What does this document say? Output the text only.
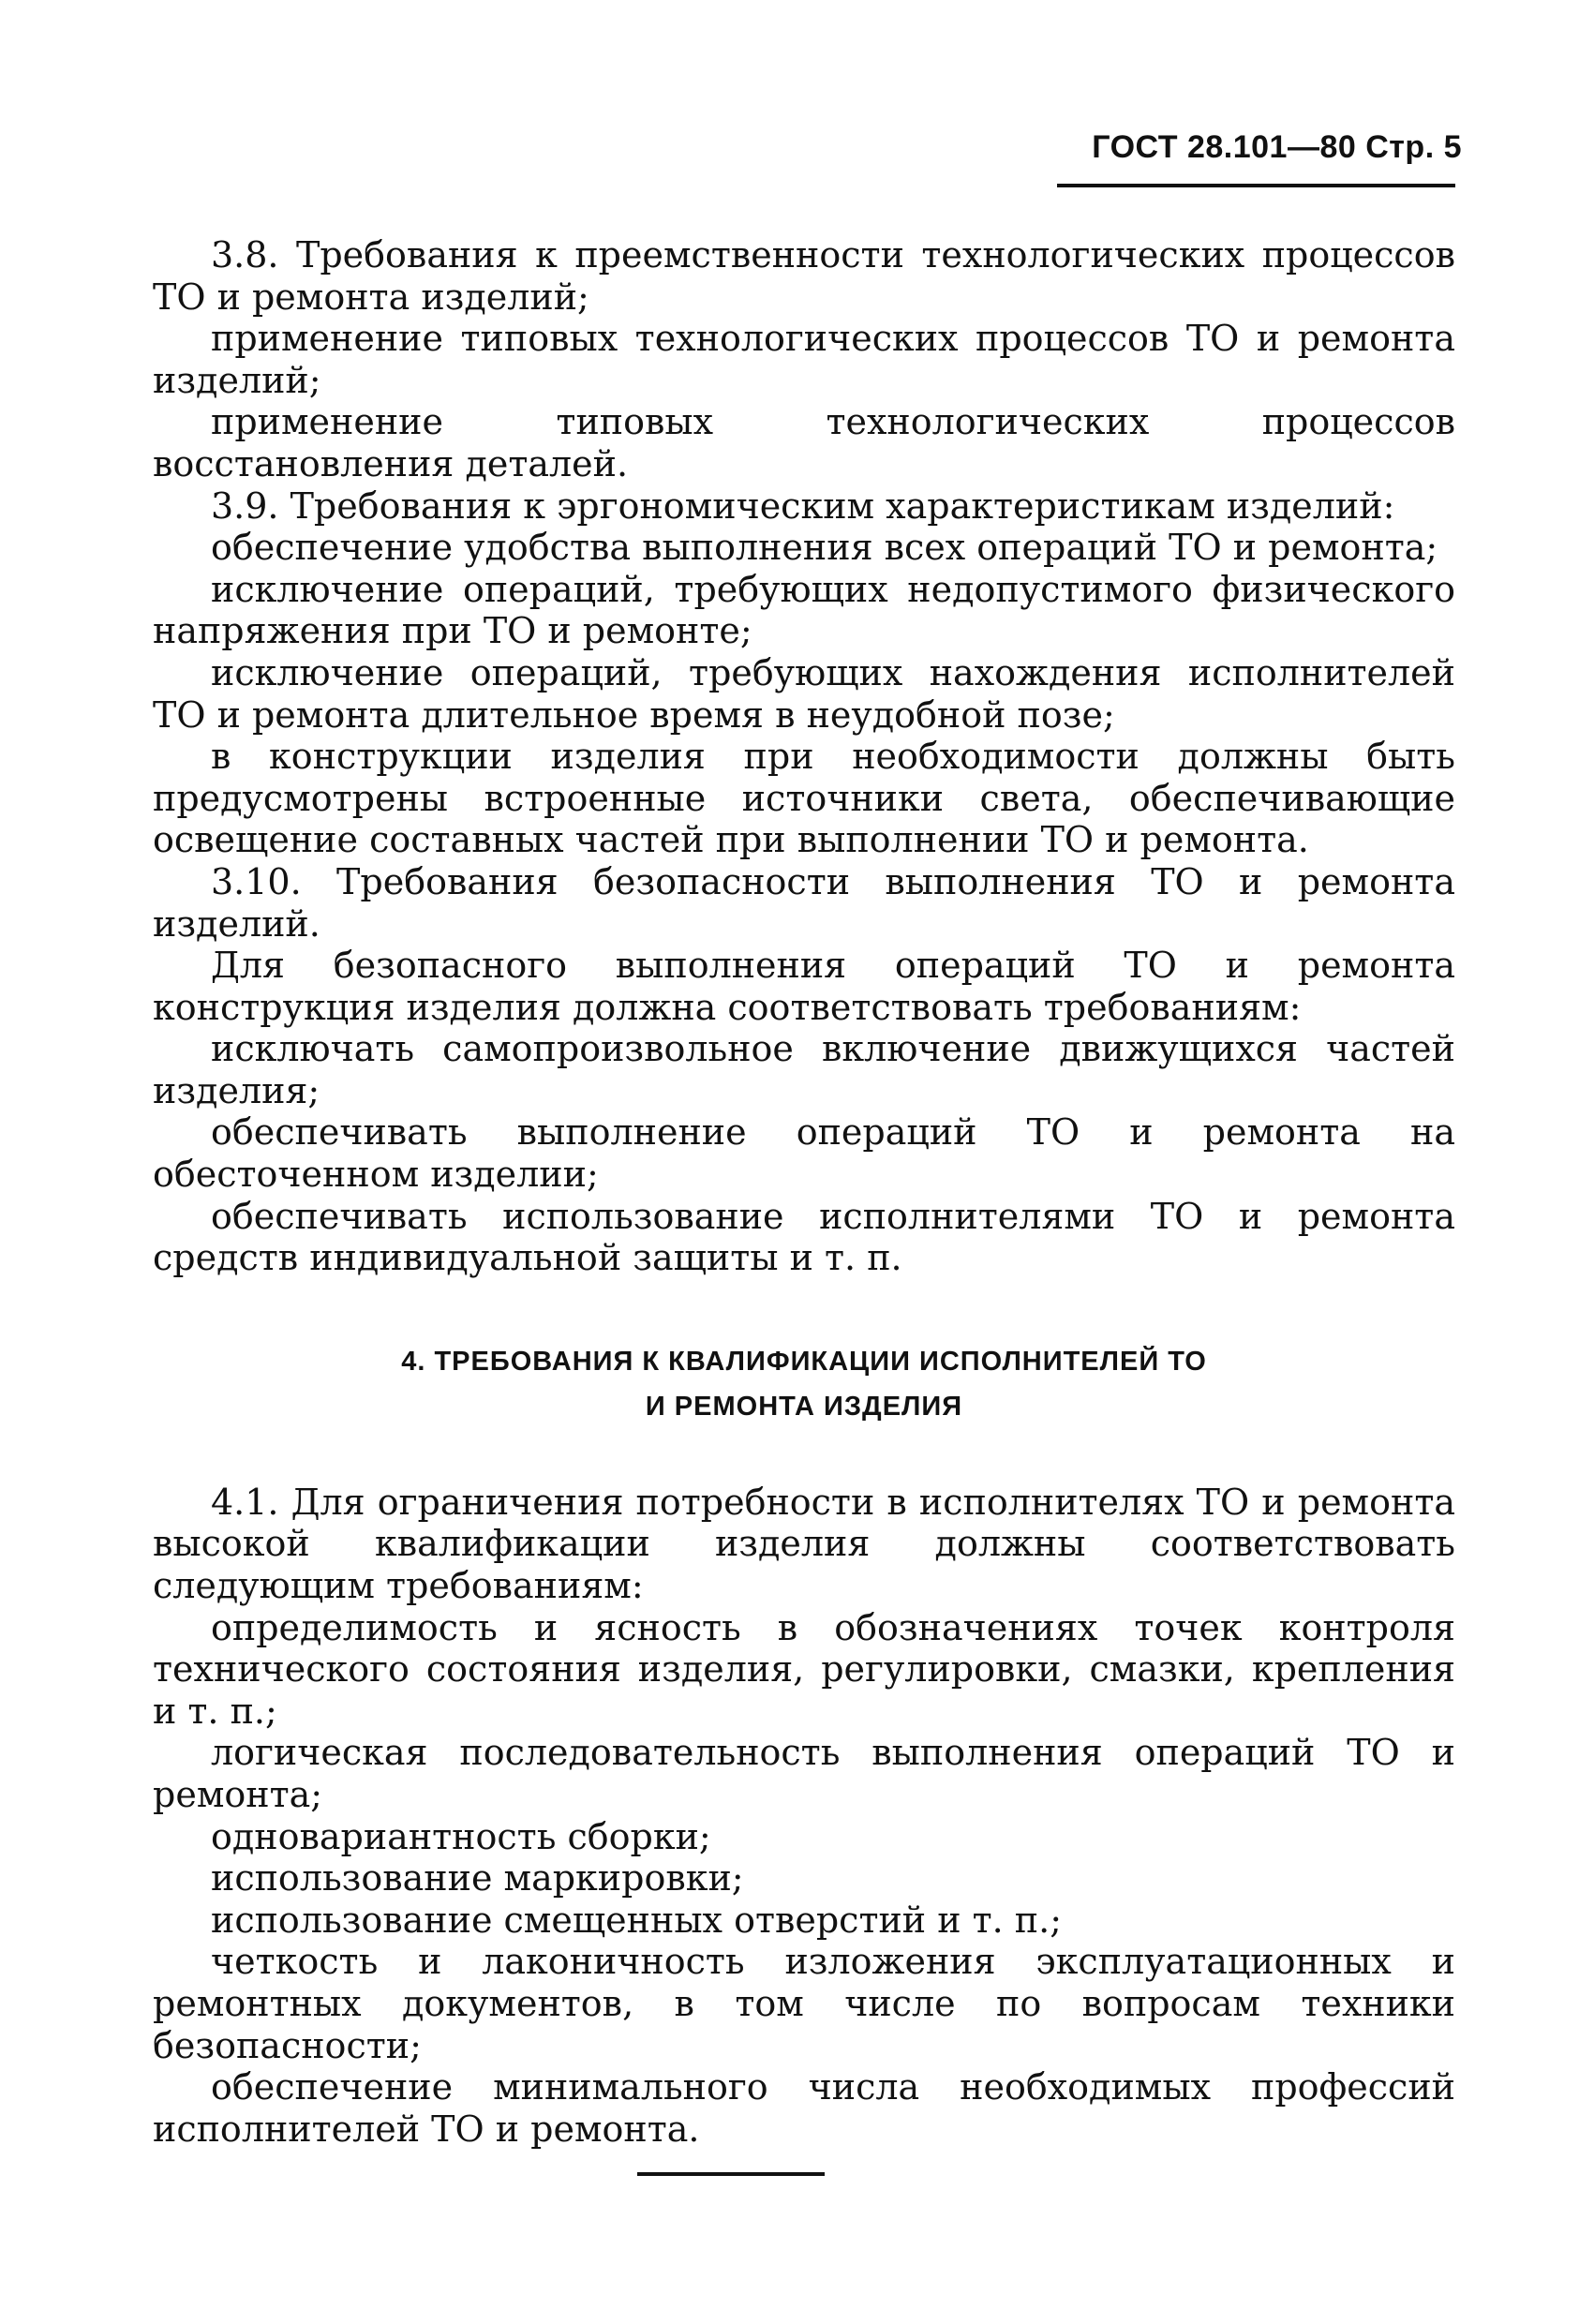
ГОСТ 28.101—80 Стр. 5

3.8. Требования к преемственности технологических процессов ТО и ремонта изделий;

применение типовых технологических процессов ТО и ремонта изделий;

применение типовых технологических процессов восстановления деталей.

3.9. Требования к эргономическим характеристикам изделий:

обеспечение удобства выполнения всех операций ТО и ремонта;

исключение операций, требующих недопустимого физического напряжения при ТО и ремонте;

исключение операций, требующих нахождения исполнителей ТО и ремонта длительное время в неудобной позе;

в конструкции изделия при необходимости должны быть предусмотрены встроенные источники света, обеспечивающие освещение составных частей при выполнении ТО и ремонта.

3.10. Требования безопасности выполнения ТО и ремонта изделий.

Для безопасного выполнения операций ТО и ремонта конструкция изделия должна соответствовать требованиям:

исключать самопроизвольное включение движущихся частей изделия;

обеспечивать выполнение операций ТО и ремонта на обесточенном изделии;

обеспечивать использование исполнителями ТО и ремонта средств индивидуальной защиты и т. п.

4. ТРЕБОВАНИЯ К КВАЛИФИКАЦИИ ИСПОЛНИТЕЛЕЙ ТО
И РЕМОНТА ИЗДЕЛИЯ

4.1. Для ограничения потребности в исполнителях ТО и ремонта высокой квалификации изделия должны соответствовать следующим требованиям:

определимость и ясность в обозначениях точек контроля технического состояния изделия, регулировки, смазки, крепления и т. п.;

логическая последовательность выполнения операций ТО и ремонта;

одновариантность сборки;

использование маркировки;

использование смещенных отверстий и т. п.;

четкость и лаконичность изложения эксплуатационных и ремонтных документов, в том числе по вопросам техники безопасности;

обеспечение минимального числа необходимых профессий исполнителей ТО и ремонта.
